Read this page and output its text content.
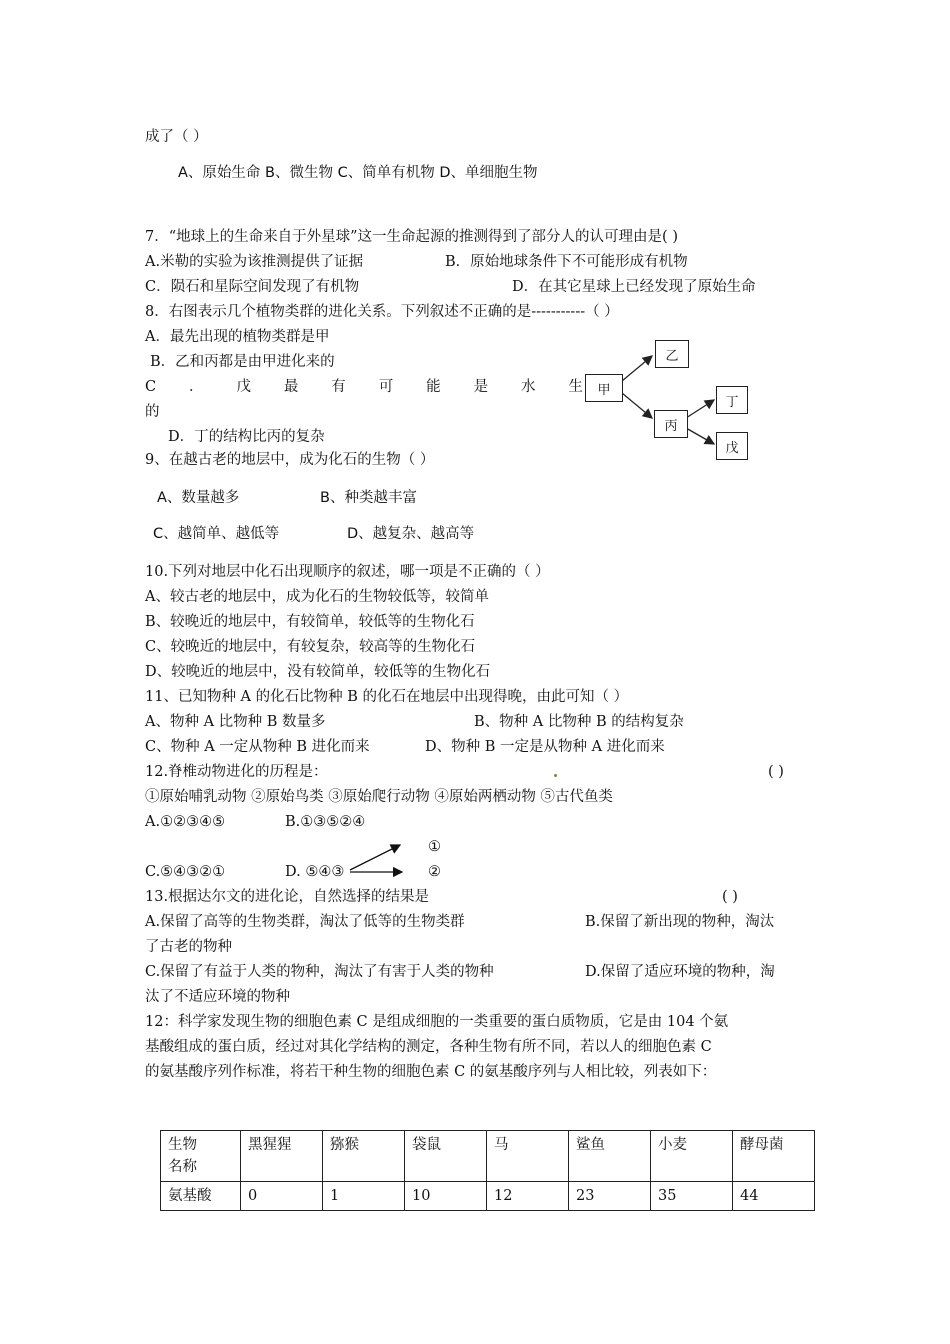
成了（ ）
A、原始生命 B、微生物 C、简单有机物 D、单细胞生物
7．“地球上的生命来自于外星球”这一生命起源的推测得到了部分人的认可理由是( )
A.米勒的实验为该推测提供了证据	B．原始地球条件下不可能形成有机物
C．陨石和星际空间发现了有机物	D．在其它星球上已经发现了原始生命
8．右图表示几个植物类群的进化关系。下列叙述不正确的是-----------（ ）
A．最先出现的植物类群是甲
B．乙和丙都是由甲进化来的
C ． 戊 最 有 可 能 是 水 生
的
D．丁的结构比丙的复杂
甲
乙
丙
丁
戊
9、在越古老的地层中，成为化石的生物（ ）
A、数量越多	B、种类越丰富
C、越简单、越低等	D、越复杂、越高等
10.下列对地层中化石出现顺序的叙述，哪一项是不正确的（ ）
A、较古老的地层中，成为化石的生物较低等，较简单
B、较晚近的地层中，有较简单，较低等的生物化石
C、较晚近的地层中，有较复杂，较高等的生物化石
D、较晚近的地层中，没有较简单，较低等的生物化石
11、已知物种 A 的化石比物种 B 的化石在地层中出现得晚，由此可知（ ）
A、物种 A 比物种 B 数量多	B、物种 A 比物种 B 的结构复杂
C、物种 A 一定从物种 B 进化而来	D、物种 B 一定是从物种 A 进化而来
12.脊椎动物进化的历程是：	( )
①原始哺乳动物 ②原始鸟类 ③原始爬行动物 ④原始两栖动物 ⑤古代鱼类
A.①②③④⑤	B.①③⑤②④
①
C.⑤④③②①	D. ⑤④③	②
13.根据达尔文的进化论，自然选择的结果是	( )
A.保留了高等的生物类群，淘汰了低等的生物类群	B.保留了新出现的物种，淘汰
了古老的物种
C.保留了有益于人类的物种，淘汰了有害于人类的物种	D.保留了适应环境的物种，淘
汰了不适应环境的物种
12：科学家发现生物的细胞色素 C 是组成细胞的一类重要的蛋白质物质，它是由 104 个氨
基酸组成的蛋白质，经过对其化学结构的测定，各种生物有所不同，若以人的细胞色素 C
的氨基酸序列作标准，将若干种生物的细胞色素 C 的氨基酸序列与人相比较，列表如下：
生物
名称	黑猩猩	猕猴	袋鼠	马	鲨鱼	小麦	酵母菌
氨基酸	0	1	10	12	23	35	44
